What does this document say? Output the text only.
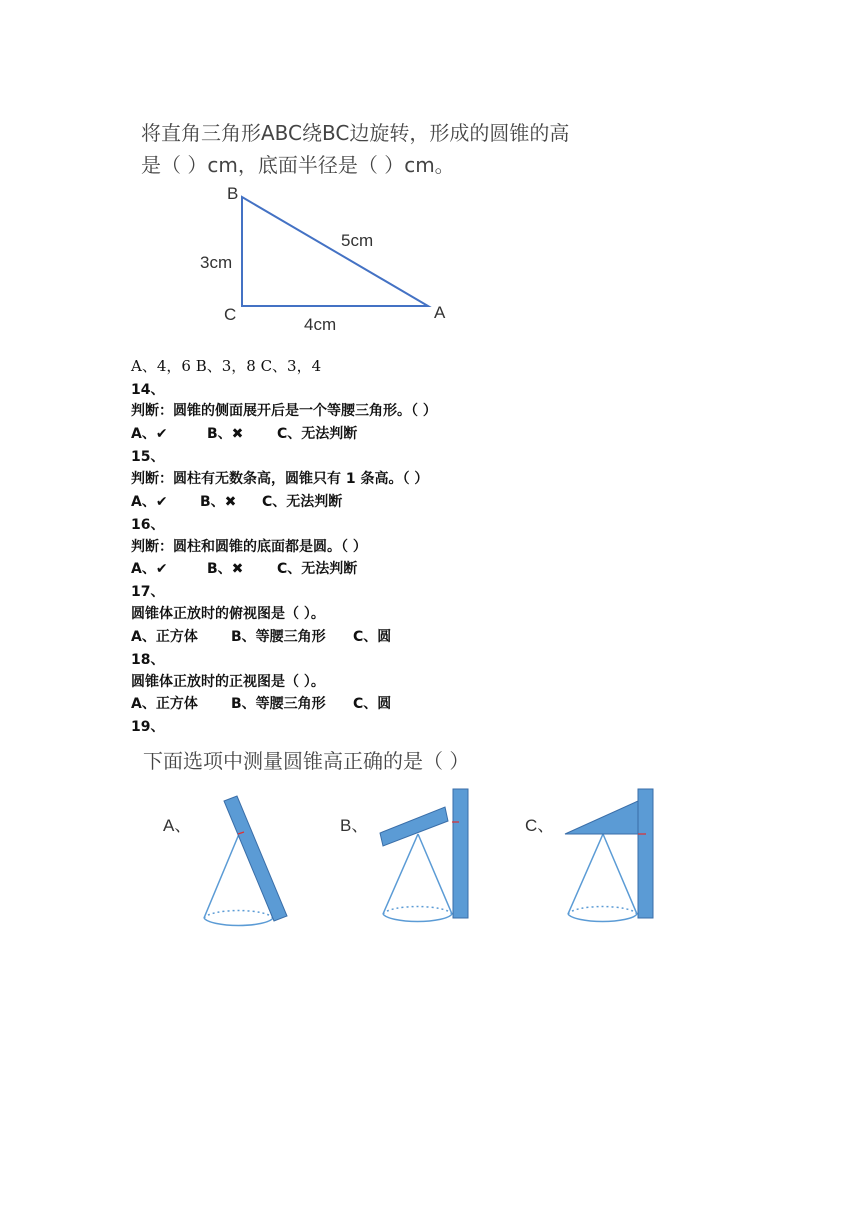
将直角三角形ABC绕BC边旋转，形成的圆锥的高
是（ ）cm，底面半径是（ ）cm。
B
C	A
3cm
4cm
5cm
A、4，6 B、3，8 C、3，4
14、
判断：圆锥的侧面展开后是一个等腰三角形。（ ）
A、✔	B、✖ C、无法判断
15、
判断：圆柱有无数条高，圆锥只有 1 条高。（ ）
A、✔ B、✖ C、无法判断
16、
判断：圆柱和圆锥的底面都是圆。（ ）
A、✔	B、✖ C、无法判断
17、
圆锥体正放时的俯视图是（ ）。
A、正方体 B、等腰三角形 C、圆
18、
圆锥体正放时的正视图是（ ）。
A、正方体 B、等腰三角形 C、圆
19、
下面选项中测量圆锥高正确的是（ ）
A、	B、	C、
